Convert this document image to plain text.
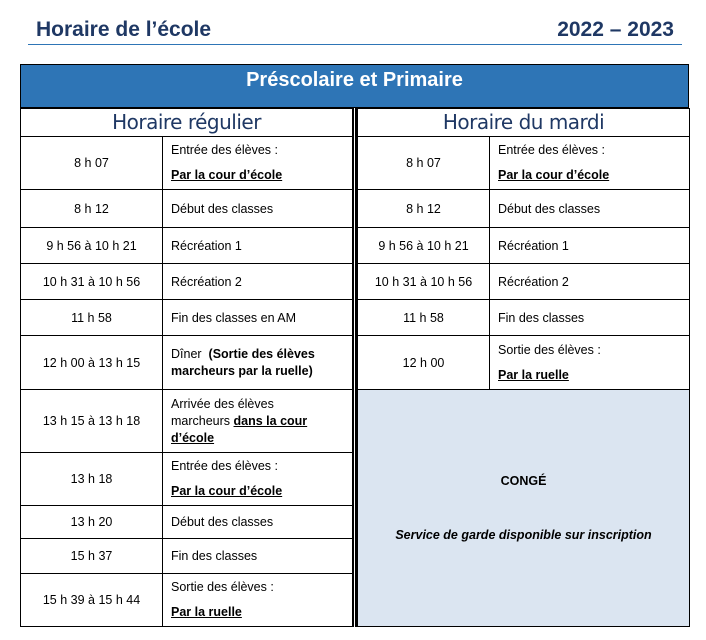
Horaire de l’école	2022 – 2023
Préscolaire et Primaire
Horaire régulier	
8 h 07	Entrée des élèves :
Par la cour d’école

8 h 12	Début des classes
9 h 56 à 10 h 21	Récréation 1
10 h 31 à 10 h 56	Récréation 2
11 h 58	Fin des classes en AM
12 h 00 à 13 h 15	Dîner (Sortie des élèves
marcheurs par la ruelle)

13 h 15 à 13 h 18	Arrivée des élèves
marcheurs dans la cour
d’école

13 h 18	Entrée des élèves :
Par la cour d’école

13 h 20	Début des classes
15 h 37	Fin des classes
15 h 39 à 15 h 44	Sortie des élèves :
Par la ruelle
Horaire du mardi	
8 h 07	Entrée des élèves :
Par la cour d’école

8 h 12	Début des classes
9 h 56 à 10 h 21	Récréation 1
10 h 31 à 10 h 56	Récréation 2
11 h 58	Fin des classes
12 h 00	Sortie des élèves :
Par la ruelle

CONGÉ
Service de garde disponible sur inscription	
